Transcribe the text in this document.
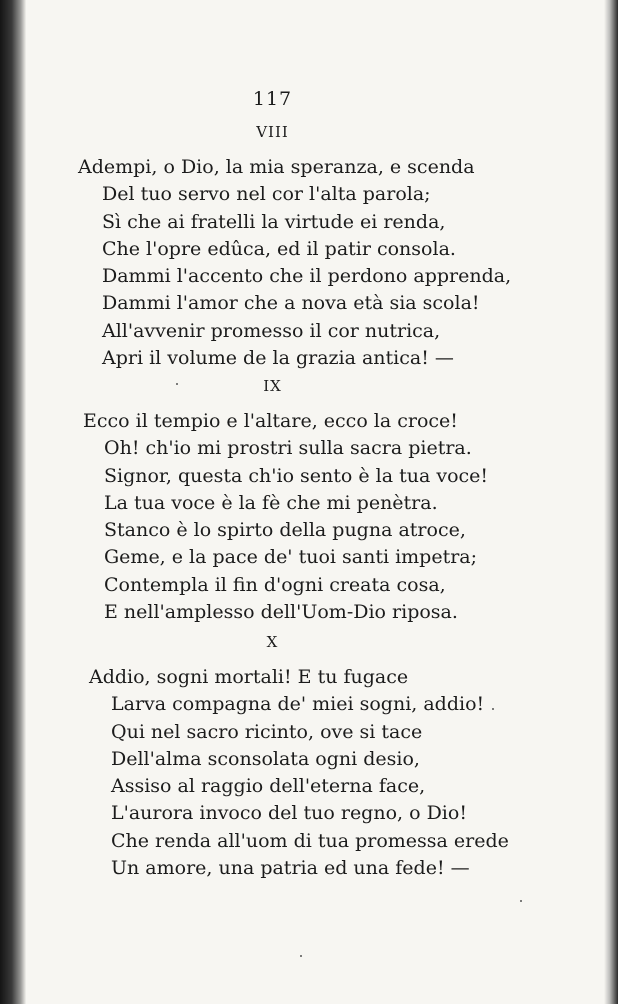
117
VIII
Adempi, o Dio, la mia speranza, e scenda
Del tuo servo nel cor l'alta parola;
Sì che ai fratelli la virtude ei renda,
Che l'opre edûca, ed il patir consola.
Dammi l'accento che il perdono apprenda,
Dammi l'amor che a nova età sia scola!
All'avvenir promesso il cor nutrica,
Apri il volume de la grazia antica! —
IX
Ecco il tempio e l'altare, ecco la croce!
Oh! ch'io mi prostri sulla sacra pietra.
Signor, questa ch'io sento è la tua voce!
La tua voce è la fè che mi penètra.
Stanco è lo spirto della pugna atroce,
Geme, e la pace de' tuoi santi impetra;
Contempla il fin d'ogni creata cosa,
E nell'amplesso dell'Uom-Dio riposa.
X
Addio, sogni mortali! E tu fugace
Larva compagna de' miei sogni, addio!
Qui nel sacro ricinto, ove si tace
Dell'alma sconsolata ogni desio,
Assiso al raggio dell'eterna face,
L'aurora invoco del tuo regno, o Dio!
Che renda all'uom di tua promessa erede
Un amore, una patria ed una fede! —
